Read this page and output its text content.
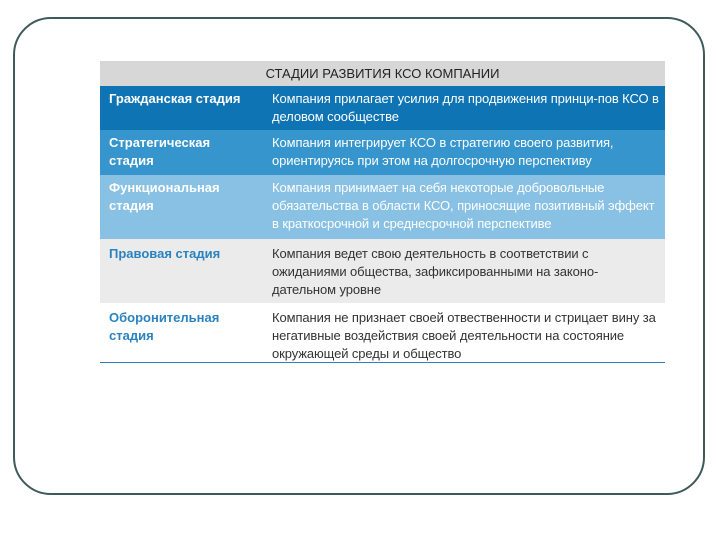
СТАДИИ РАЗВИТИЯ КСО КОМПАНИИ
Гражданская стадия	Компания прилагает усилия для продвижения принци-пов КСО в деловом сообществе
Стратегическая стадия
Компания интегрирует КСО в стратегию своего развития, ориентируясь при этом на долгосрочную перспективу
Функциональная стадия
Компания принимает на себя некоторые добровольные обязательства в области КСО, приносящие позитивный эффект в краткосрочной и среднесрочной перспективе
Правовая стадия	Компания ведет свою деятельность в соответствии с ожиданиями общества, зафиксированными на законо-дательном уровне
Оборонительная стадия
Компания не признает своей отвественности и стрицает вину за негативные воздействия своей деятельности на состояние окружающей среды и общество
